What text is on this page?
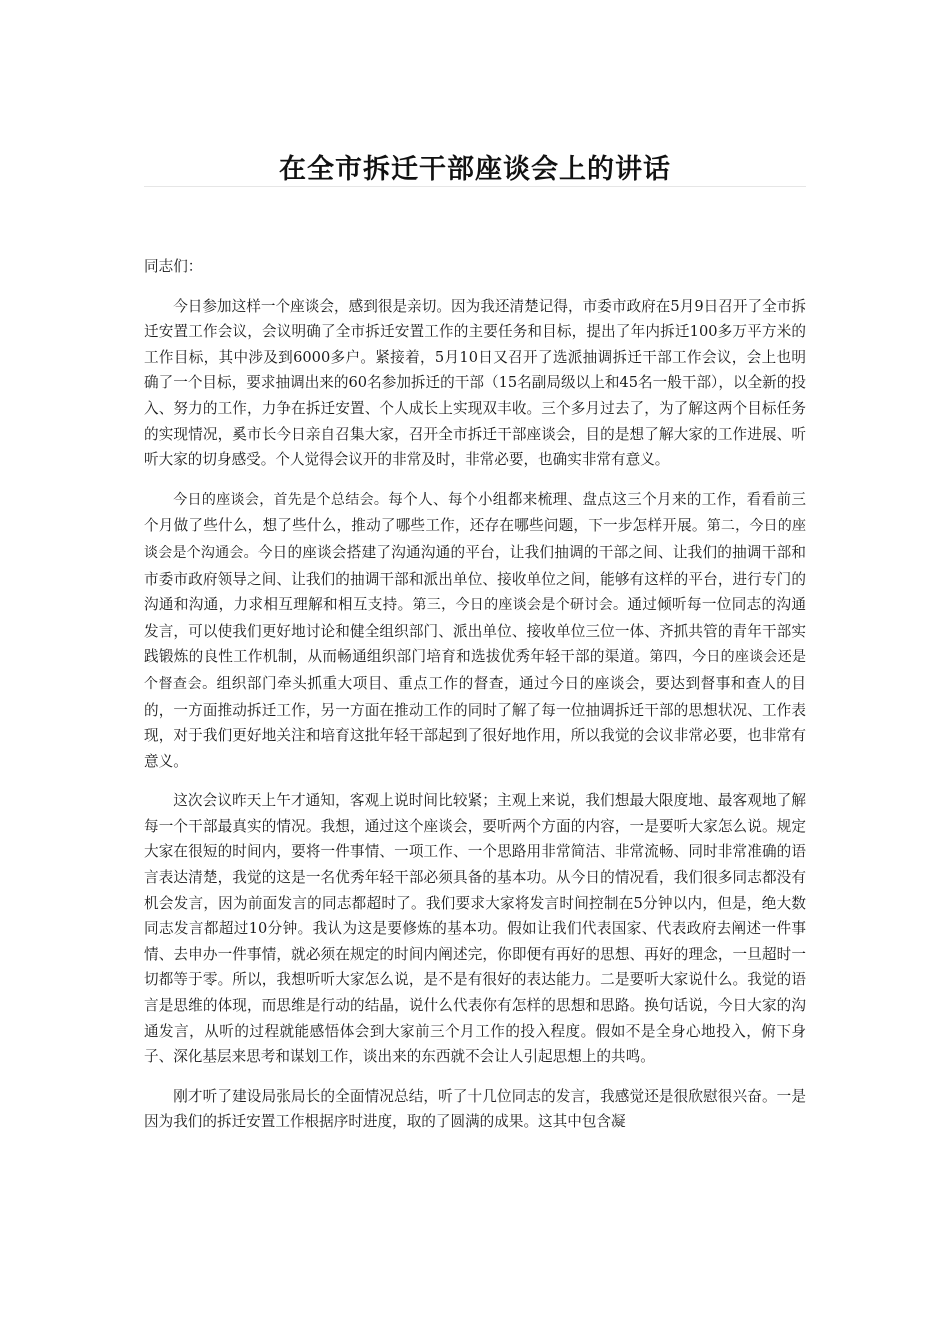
在全市拆迁干部座谈会上的讲话

同志们：

今日参加这样一个座谈会，感到很是亲切。因为我还清楚记得，市委市政府在5月9日召开了全市拆迁安置工作会议，会议明确了全市拆迁安置工作的主要任务和目标，提出了年内拆迁100多万平方米的工作目标，其中涉及到6000多户。紧接着，5月10日又召开了选派抽调拆迁干部工作会议，会上也明确了一个目标，要求抽调出来的60名参加拆迁的干部（15名副局级以上和45名一般干部），以全新的投入、努力的工作，力争在拆迁安置、个人成长上实现双丰收。三个多月过去了，为了解这两个目标任务的实现情况，奚市长今日亲自召集大家，召开全市拆迁干部座谈会，目的是想了解大家的工作进展、听听大家的切身感受。个人觉得会议开的非常及时，非常必要，也确实非常有意义。

今日的座谈会，首先是个总结会。每个人、每个小组都来梳理、盘点这三个月来的工作，看看前三个月做了些什么，想了些什么，推动了哪些工作，还存在哪些问题，下一步怎样开展。第二，今日的座谈会是个沟通会。今日的座谈会搭建了沟通沟通的平台，让我们抽调的干部之间、让我们的抽调干部和市委市政府领导之间、让我们的抽调干部和派出单位、接收单位之间，能够有这样的平台，进行专门的沟通和沟通，力求相互理解和相互支持。第三，今日的座谈会是个研讨会。通过倾听每一位同志的沟通发言，可以使我们更好地讨论和健全组织部门、派出单位、接收单位三位一体、齐抓共管的青年干部实践锻炼的良性工作机制，从而畅通组织部门培育和选拔优秀年轻干部的渠道。第四，今日的座谈会还是个督查会。组织部门牵头抓重大项目、重点工作的督查，通过今日的座谈会，要达到督事和查人的目的，一方面推动拆迁工作，另一方面在推动工作的同时了解了每一位抽调拆迁干部的思想状况、工作表现，对于我们更好地关注和培育这批年轻干部起到了很好地作用，所以我觉的会议非常必要，也非常有意义。

这次会议昨天上午才通知，客观上说时间比较紧；主观上来说，我们想最大限度地、最客观地了解每一个干部最真实的情况。我想，通过这个座谈会，要听两个方面的内容，一是要听大家怎么说。规定大家在很短的时间内，要将一件事情、一项工作、一个思路用非常简洁、非常流畅、同时非常准确的语言表达清楚，我觉的这是一名优秀年轻干部必须具备的基本功。从今日的情况看，我们很多同志都没有机会发言，因为前面发言的同志都超时了。我们要求大家将发言时间控制在5分钟以内，但是，绝大数同志发言都超过10分钟。我认为这是要修炼的基本功。假如让我们代表国家、代表政府去阐述一件事情、去申办一件事情，就必须在规定的时间内阐述完，你即便有再好的思想、再好的理念，一旦超时一切都等于零。所以，我想听听大家怎么说，是不是有很好的表达能力。二是要听大家说什么。我觉的语言是思维的体现，而思维是行动的结晶，说什么代表你有怎样的思想和思路。换句话说，今日大家的沟通发言，从听的过程就能感悟体会到大家前三个月工作的投入程度。假如不是全身心地投入，俯下身子、深化基层来思考和谋划工作，谈出来的东西就不会让人引起思想上的共鸣。

刚才听了建设局张局长的全面情况总结，听了十几位同志的发言，我感觉还是很欣慰很兴奋。一是因为我们的拆迁安置工作根据序时进度，取的了圆满的成果。这其中包含凝
